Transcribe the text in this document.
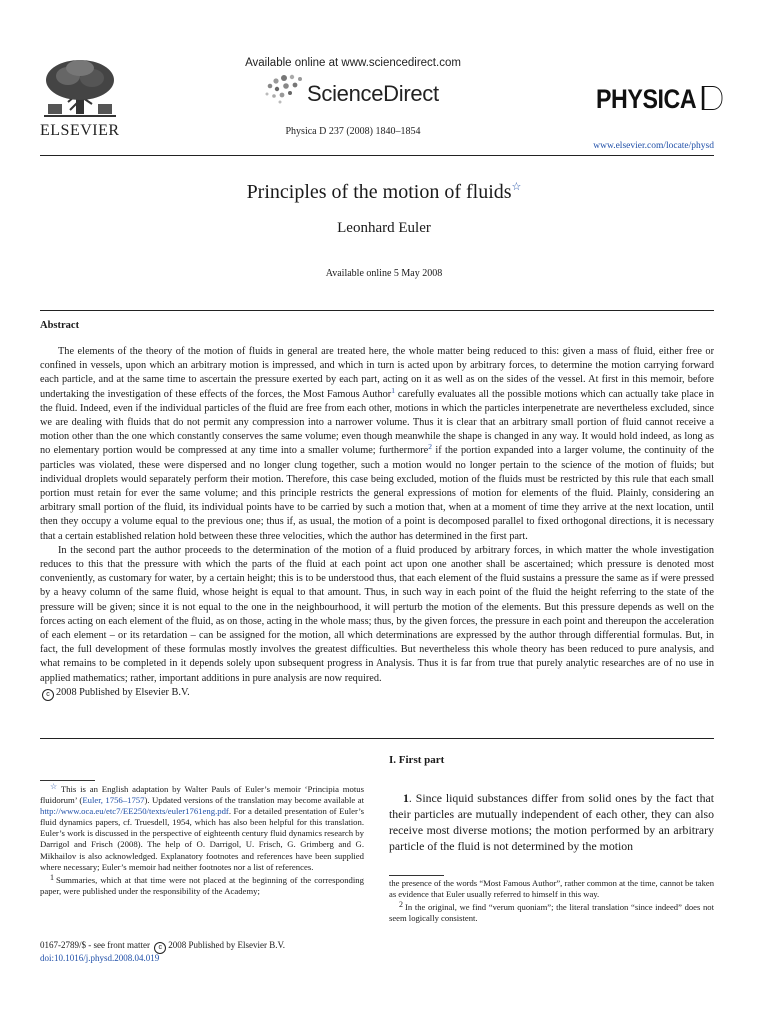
ELSEVIER
Available online at www.sciencedirect.com
ScienceDirect
Physica D 237 (2008) 1840–1854
PHYSICA
www.elsevier.com/locate/physd
Principles of the motion of fluids☆
Leonhard Euler
Available online 5 May 2008
Abstract

The elements of the theory of the motion of fluids in general are treated here, the whole matter being reduced to this: given a mass of fluid, either free or confined in vessels, upon which an arbitrary motion is impressed, and which in turn is acted upon by arbitrary forces, to determine the motion carrying forward each particle, and at the same time to ascertain the pressure exerted by each part, acting on it as well as on the sides of the vessel. At first in this memoir, before undertaking the investigation of these effects of the forces, the Most Famous Author$^1$ carefully evaluates all the possible motions which can actually take place in the fluid. Indeed, even if the individual particles of the fluid are free from each other, motions in which the particles interpenetrate are nevertheless excluded, since we are dealing with fluids that do not permit any compression into a narrower volume. Thus it is clear that an arbitrary small portion of fluid cannot receive a motion other than the one which constantly conserves the same volume; even though meanwhile the shape is changed in any way. It would hold indeed, as long as no elementary portion would be compressed at any time into a smaller volume; furthermore$^2$ if the portion expanded into a larger volume, the continuity of the particles was violated, these were dispersed and no longer clung together, such a motion would no longer pertain to the science of the motion of fluids; but individual droplets would separately perform their motion. Therefore, this case being excluded, motion of the fluids must be restricted by this rule that each small portion must retain for ever the same volume; and this principle restricts the general expressions of motion for elements of the fluid. Plainly, considering an arbitrary small portion of the fluid, its individual points have to be carried by such a motion that, when at a moment of time they arrive at the next location, until then they occupy a volume equal to the previous one; thus if, as usual, the motion of a point is decomposed parallel to fixed orthogonal directions, it is necessary that a certain established relation hold between these three velocities, which the author has determined in the first part.

In the second part the author proceeds to the determination of the motion of a fluid produced by arbitrary forces, in which matter the whole investigation reduces to this that the pressure with which the parts of the fluid at each point act upon one another shall be ascertained; which pressure is denoted most conveniently, as customary for water, by a certain height; this is to be understood thus, that each element of the fluid sustains a pressure the same as if were pressed by a heavy column of the same fluid, whose height is equal to that amount. Thus, in such way in each point of the fluid the height referring to the state of the pressure will be given; since it is not equal to the one in the neighbourhood, it will perturb the motion of the elements. But this pressure depends as well on the forces acting on each element of the fluid, as on those, acting in the whole mass; thus, by the given forces, the pressure in each point and thereupon the acceleration of each element – or its retardation – can be assigned for the motion, all which determinations are expressed by the author through differential formulas. But, in fact, the full development of these formulas mostly involves the greatest difficulties. But nevertheless this whole theory has been reduced to pure analysis, and what remains to be completed in it depends solely upon subsequent progress in Analysis. Thus it is far from true that purely analytic researches are of no use in applied mathematics; rather, important additions in pure analysis are now required.

c 2008 Published by Elsevier B.V.

☆ This is an English adaptation by Walter Pauls of Euler’s memoir ‘Principia motus fluidorum’ (Euler, 1756–1757). Updated versions of the translation may become available at http://www.oca.eu/etc7/EE250/texts/euler1761eng.pdf. For a detailed presentation of Euler’s fluid dynamics papers, cf. Truesdell, 1954, which has also been helpful for this translation. Euler’s work is discussed in the perspective of eighteenth century fluid dynamics research by Darrigol and Frisch (2008). The help of O. Darrigol, U. Frisch, G. Grimberg and G. Mikhailov is also acknowledged. Explanatory footnotes and references have been supplied where necessary; Euler’s memoir had neither footnotes nor a list of references.

1 Summaries, which at that time were not placed at the beginning of the corresponding paper, were published under the responsibility of the Academy;

I. First part

1. Since liquid substances differ from solid ones by the fact that their particles are mutually independent of each other, they can also receive most diverse motions; the motion performed by an arbitrary particle of the fluid is not determined by the motion

the presence of the words “Most Famous Author”, rather common at the time, cannot be taken as evidence that Euler usually referred to himself in this way.

2 In the original, we find “verum quoniam”; the literal translation “since indeed” does not seem logically consistent.

0167-2789/$ - see front matter c 2008 Published by Elsevier B.V.
doi:10.1016/j.physd.2008.04.019
